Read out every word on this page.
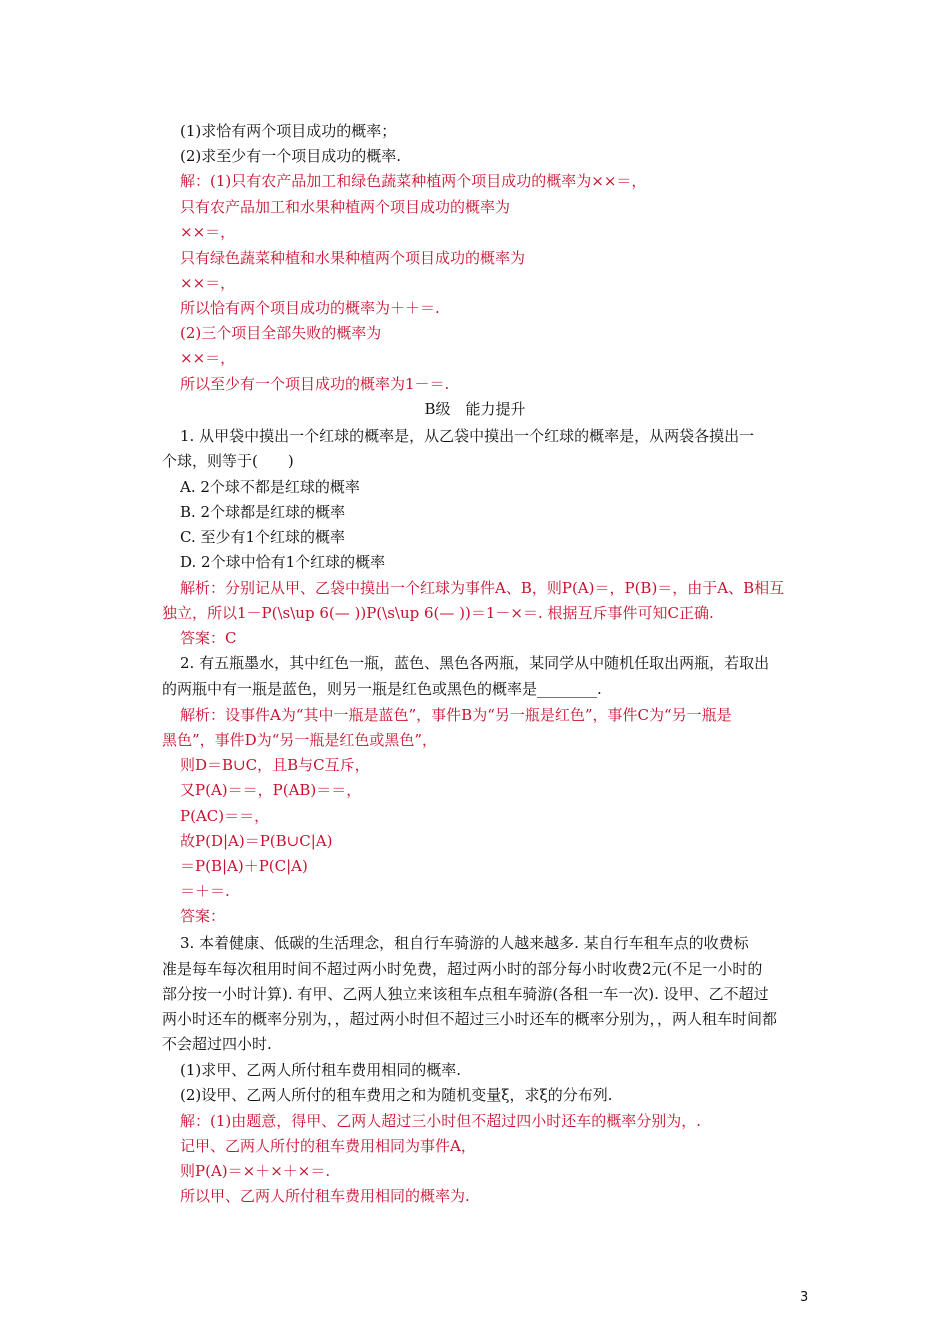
(1)求恰有两个项目成功的概率；
(2)求至少有一个项目成功的概率.
解：(1)只有农产品加工和绿色蔬菜种植两个项目成功的概率为××＝，
只有农产品加工和水果种植两个项目成功的概率为
××＝，
只有绿色蔬菜种植和水果种植两个项目成功的概率为
××＝，
所以恰有两个项目成功的概率为＋＋＝.
(2)三个项目全部失败的概率为
××＝，
所以至少有一个项目成功的概率为1－＝.
B级　能力提升
1. 从甲袋中摸出一个红球的概率是，从乙袋中摸出一个红球的概率是，从两袋各摸出一
个球，则等于(　　)
A. 2个球不都是红球的概率
B. 2个球都是红球的概率
C. 至少有1个红球的概率
D. 2个球中恰有1个红球的概率
解析：分别记从甲、乙袋中摸出一个红球为事件A、B，则P(A)＝，P(B)＝，由于A、B相互
独立，所以1－P(\s\up 6(— ))P(\s\up 6(— ))＝1－×＝. 根据互斥事件可知C正确.
答案：C
2. 有五瓶墨水，其中红色一瓶，蓝色、黑色各两瓶，某同学从中随机任取出两瓶，若取出
的两瓶中有一瓶是蓝色，则另一瓶是红色或黑色的概率是________.
解析：设事件A为“其中一瓶是蓝色”，事件B为“另一瓶是红色”，事件C为“另一瓶是
黑色”，事件D为“另一瓶是红色或黑色”，
则D＝B∪C，且B与C互斥，
又P(A)＝＝，P(AB)＝＝，
P(AC)＝＝，
故P(D|A)＝P(B∪C|A)
＝P(B|A)＋P(C|A)
＝＋＝.
答案：
3. 本着健康、低碳的生活理念，租自行车骑游的人越来越多. 某自行车租车点的收费标
准是每车每次租用时间不超过两小时免费，超过两小时的部分每小时收费2元(不足一小时的
部分按一小时计算). 有甲、乙两人独立来该租车点租车骑游(各租一车一次). 设甲、乙不超过
两小时还车的概率分别为，，超过两小时但不超过三小时还车的概率分别为，，两人租车时间都
不会超过四小时.
(1)求甲、乙两人所付租车费用相同的概率.
(2)设甲、乙两人所付的租车费用之和为随机变量ξ，求ξ的分布列.
解：(1)由题意，得甲、乙两人超过三小时但不超过四小时还车的概率分别为，.
记甲、乙两人所付的租车费用相同为事件A，
则P(A)＝×＋×＋×＝.
所以甲、乙两人所付租车费用相同的概率为.
3
